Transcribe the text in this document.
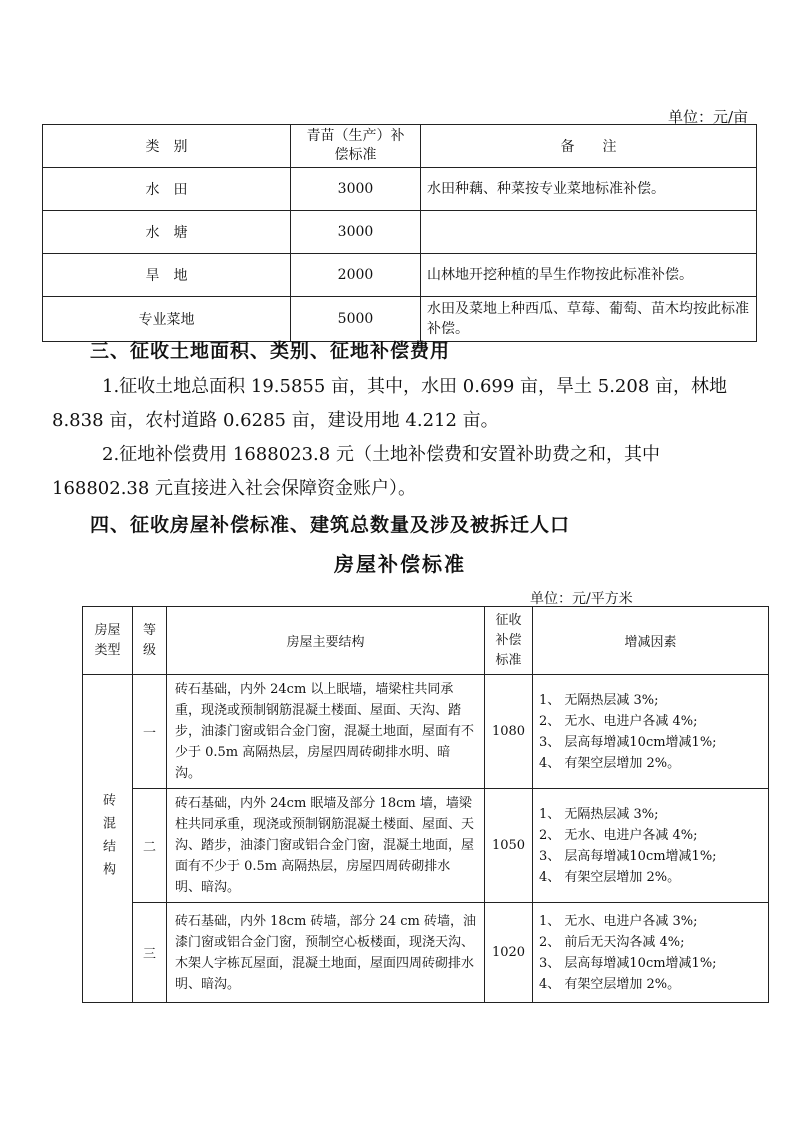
单位：元/亩
类　别	青苗（生产）补偿标准	备　　注
水　田	3000	水田种藕、种菜按专业菜地标准补偿。
水　塘	3000	
旱　地	2000	山林地开挖种植的旱生作物按此标准补偿。
专业菜地	5000	水田及菜地上种西瓜、草莓、葡萄、苗木均按此标准补偿。
三、征收土地面积、类别、征地补偿费用
1.征收土地总面积 19.5855 亩，其中，水田 0.699 亩，旱土 5.208 亩，林地 8.838 亩，农村道路 0.6285 亩，建设用地 4.212 亩。
2.征地补偿费用 1688023.8 元（土地补偿费和安置补助费之和，其中 168802.38 元直接进入社会保障资金账户）。
四、征收房屋补偿标准、建筑总数量及涉及被拆迁人口
房屋补偿标准
单位：元/平方米
房屋类型	等级	房屋主要结构	征收补偿标准	增减因素

砖混结构	一	砖石基础，内外 24cm 以上眠墙，墙梁柱共同承重，现浇或预制钢筋混凝土楼面、屋面、天沟、踏步，油漆门窗或铝合金门窗，混凝土地面，屋面有不少于 0.5m 高隔热层，房屋四周砖砌排水明、暗沟。	1080	1、 无隔热层减 3%;
2、 无水、电进户各减 4%;
3、 层高每增减10cm增减1%;
4、 有架空层增加 2%。
	二	砖石基础，内外 24cm 眠墙及部分 18cm 墙，墙梁柱共同承重，现浇或预制钢筋混凝土楼面、屋面、天沟、踏步，油漆门窗或铝合金门窗，混凝土地面，屋面有不少于 0.5m 高隔热层，房屋四周砖砌排水明、暗沟。	1050	1、 无隔热层减 3%;
2、 无水、电进户各减 4%;
3、 层高每增减10cm增减1%;
4、 有架空层增加 2%。
	三	砖石基础，内外 18cm 砖墙，部分 24 cm 砖墙，油漆门窗或铝合金门窗，预制空心板楼面，现浇天沟、木架人字栋瓦屋面，混凝土地面，屋面四周砖砌排水明、暗沟。	1020	1、 无水、电进户各减 3%;
2、 前后无天沟各减 4%;
3、 层高每增减10cm增减1%;
4、 有架空层增加 2%。
